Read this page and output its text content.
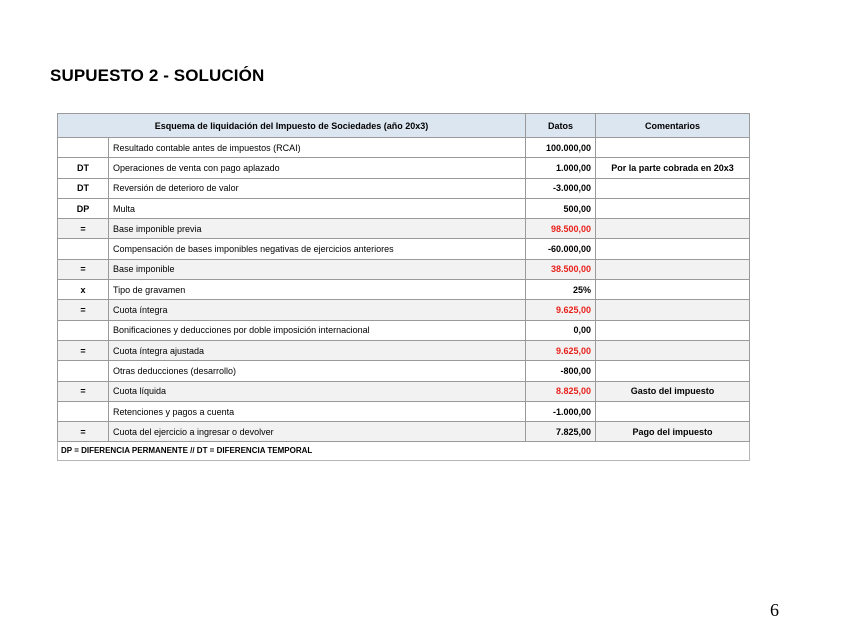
SUPUESTO 2 - SOLUCIÓN
Esquema de liquidación del Impuesto de Sociedades (año 20x3)		Datos	Comentarios
	Resultado contable antes de impuestos (RCAI)	100.000,00	
DT	Operaciones de venta con pago aplazado	1.000,00	Por la parte cobrada en 20x3
DT	Reversión de deterioro de valor	-3.000,00	
DP	Multa	500,00	
=	Base imponible previa	98.500,00	
	Compensación de bases imponibles negativas de ejercicios anteriores	-60.000,00	
=	Base imponible	38.500,00	
x	Tipo de gravamen	25%	
=	Cuota íntegra	9.625,00	
	Bonificaciones y deducciones por doble imposición internacional	0,00	
=	Cuota íntegra ajustada	9.625,00	
	Otras deducciones (desarrollo)	-800,00	
=	Cuota líquida	8.825,00	Gasto del impuesto
	Retenciones y pagos a cuenta	-1.000,00	
=	Cuota del ejercicio a ingresar o devolver	7.825,00	Pago del impuesto
DP = DIFERENCIA PERMANENTE // DT = DIFERENCIA TEMPORAL			
6
